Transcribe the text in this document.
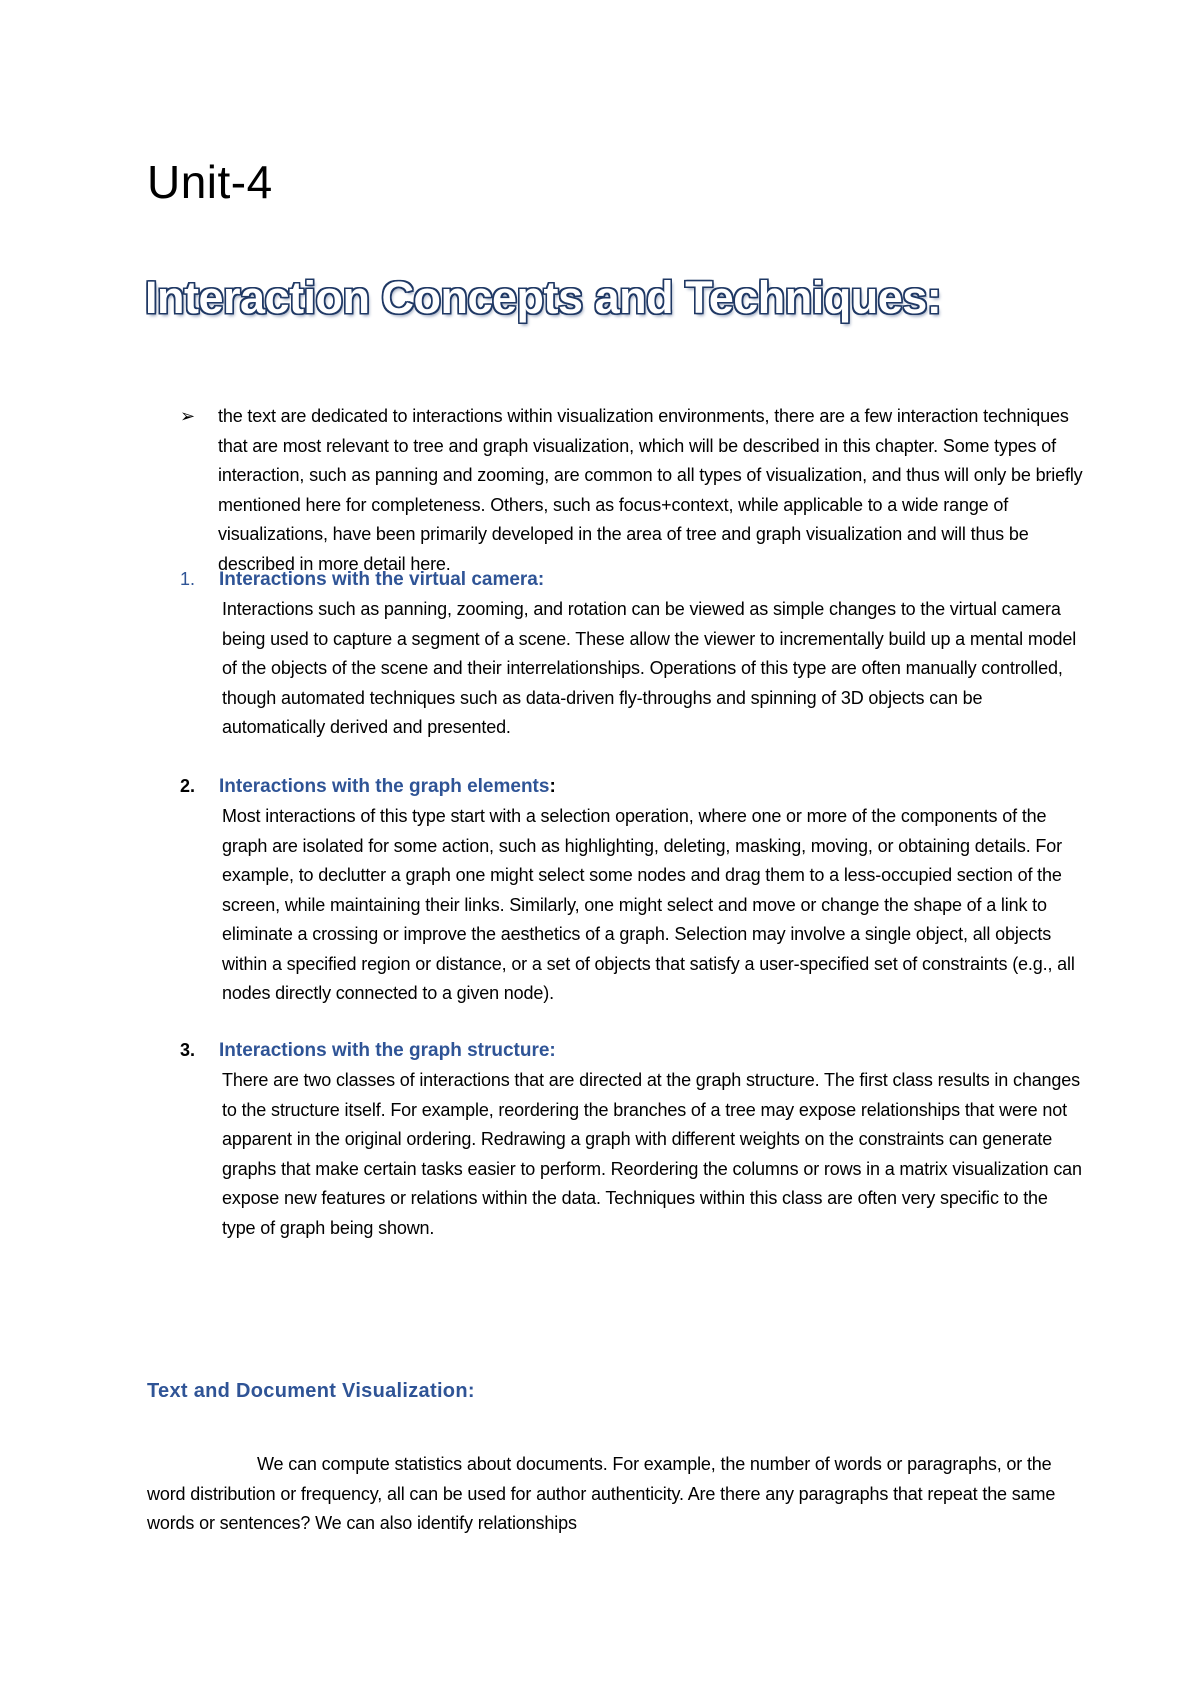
Unit-4
Interaction Concepts and Techniques:
➢ the text are dedicated to interactions within visualization environments, there are a few interaction techniques that are most relevant to tree and graph visualization, which will be described in this chapter. Some types of interaction, such as panning and zooming, are common to all types of visualization, and thus will only be briefly mentioned here for completeness. Others, such as focus+context, while applicable to a wide range of visualizations, have been primarily developed in the area of tree and graph visualization and will thus be described in more detail here.

1.	Interactions with the virtual camera:

Interactions such as panning, zooming, and rotation can be viewed as simple changes to the virtual camera being used to capture a segment of a scene. These allow the viewer to incrementally build up a mental model of the objects of the scene and their interrelationships. Operations of this type are often manually controlled, though automated techniques such as data-driven fly-throughs and spinning of 3D objects can be automatically derived and presented.

2.	Interactions with the graph elements:

Most interactions of this type start with a selection operation, where one or more of the components of the graph are isolated for some action, such as highlighting, deleting, masking, moving, or obtaining details. For example, to declutter a graph one might select some nodes and drag them to a less-occupied section of the screen, while maintaining their links. Similarly, one might select and move or change the shape of a link to eliminate a crossing or improve the aesthetics of a graph. Selection may involve a single object, all objects within a specified region or distance, or a set of objects that satisfy a user-specified set of constraints (e.g., all nodes directly connected to a given node).

3.	Interactions with the graph structure:

There are two classes of interactions that are directed at the graph structure. The first class results in changes to the structure itself. For example, reordering the branches of a tree may expose relationships that were not apparent in the original ordering. Redrawing a graph with different weights on the constraints can generate graphs that make certain tasks easier to perform. Reordering the columns or rows in a matrix visualization can expose new features or relations within the data. Techniques within this class are often very specific to the type of graph being shown.

Text and Document Visualization:

We can compute statistics about documents. For example, the number of words or paragraphs, or the word distribution or frequency, all can be used for author authenticity. Are there any paragraphs that repeat the same words or sentences? We can also identify relationships
